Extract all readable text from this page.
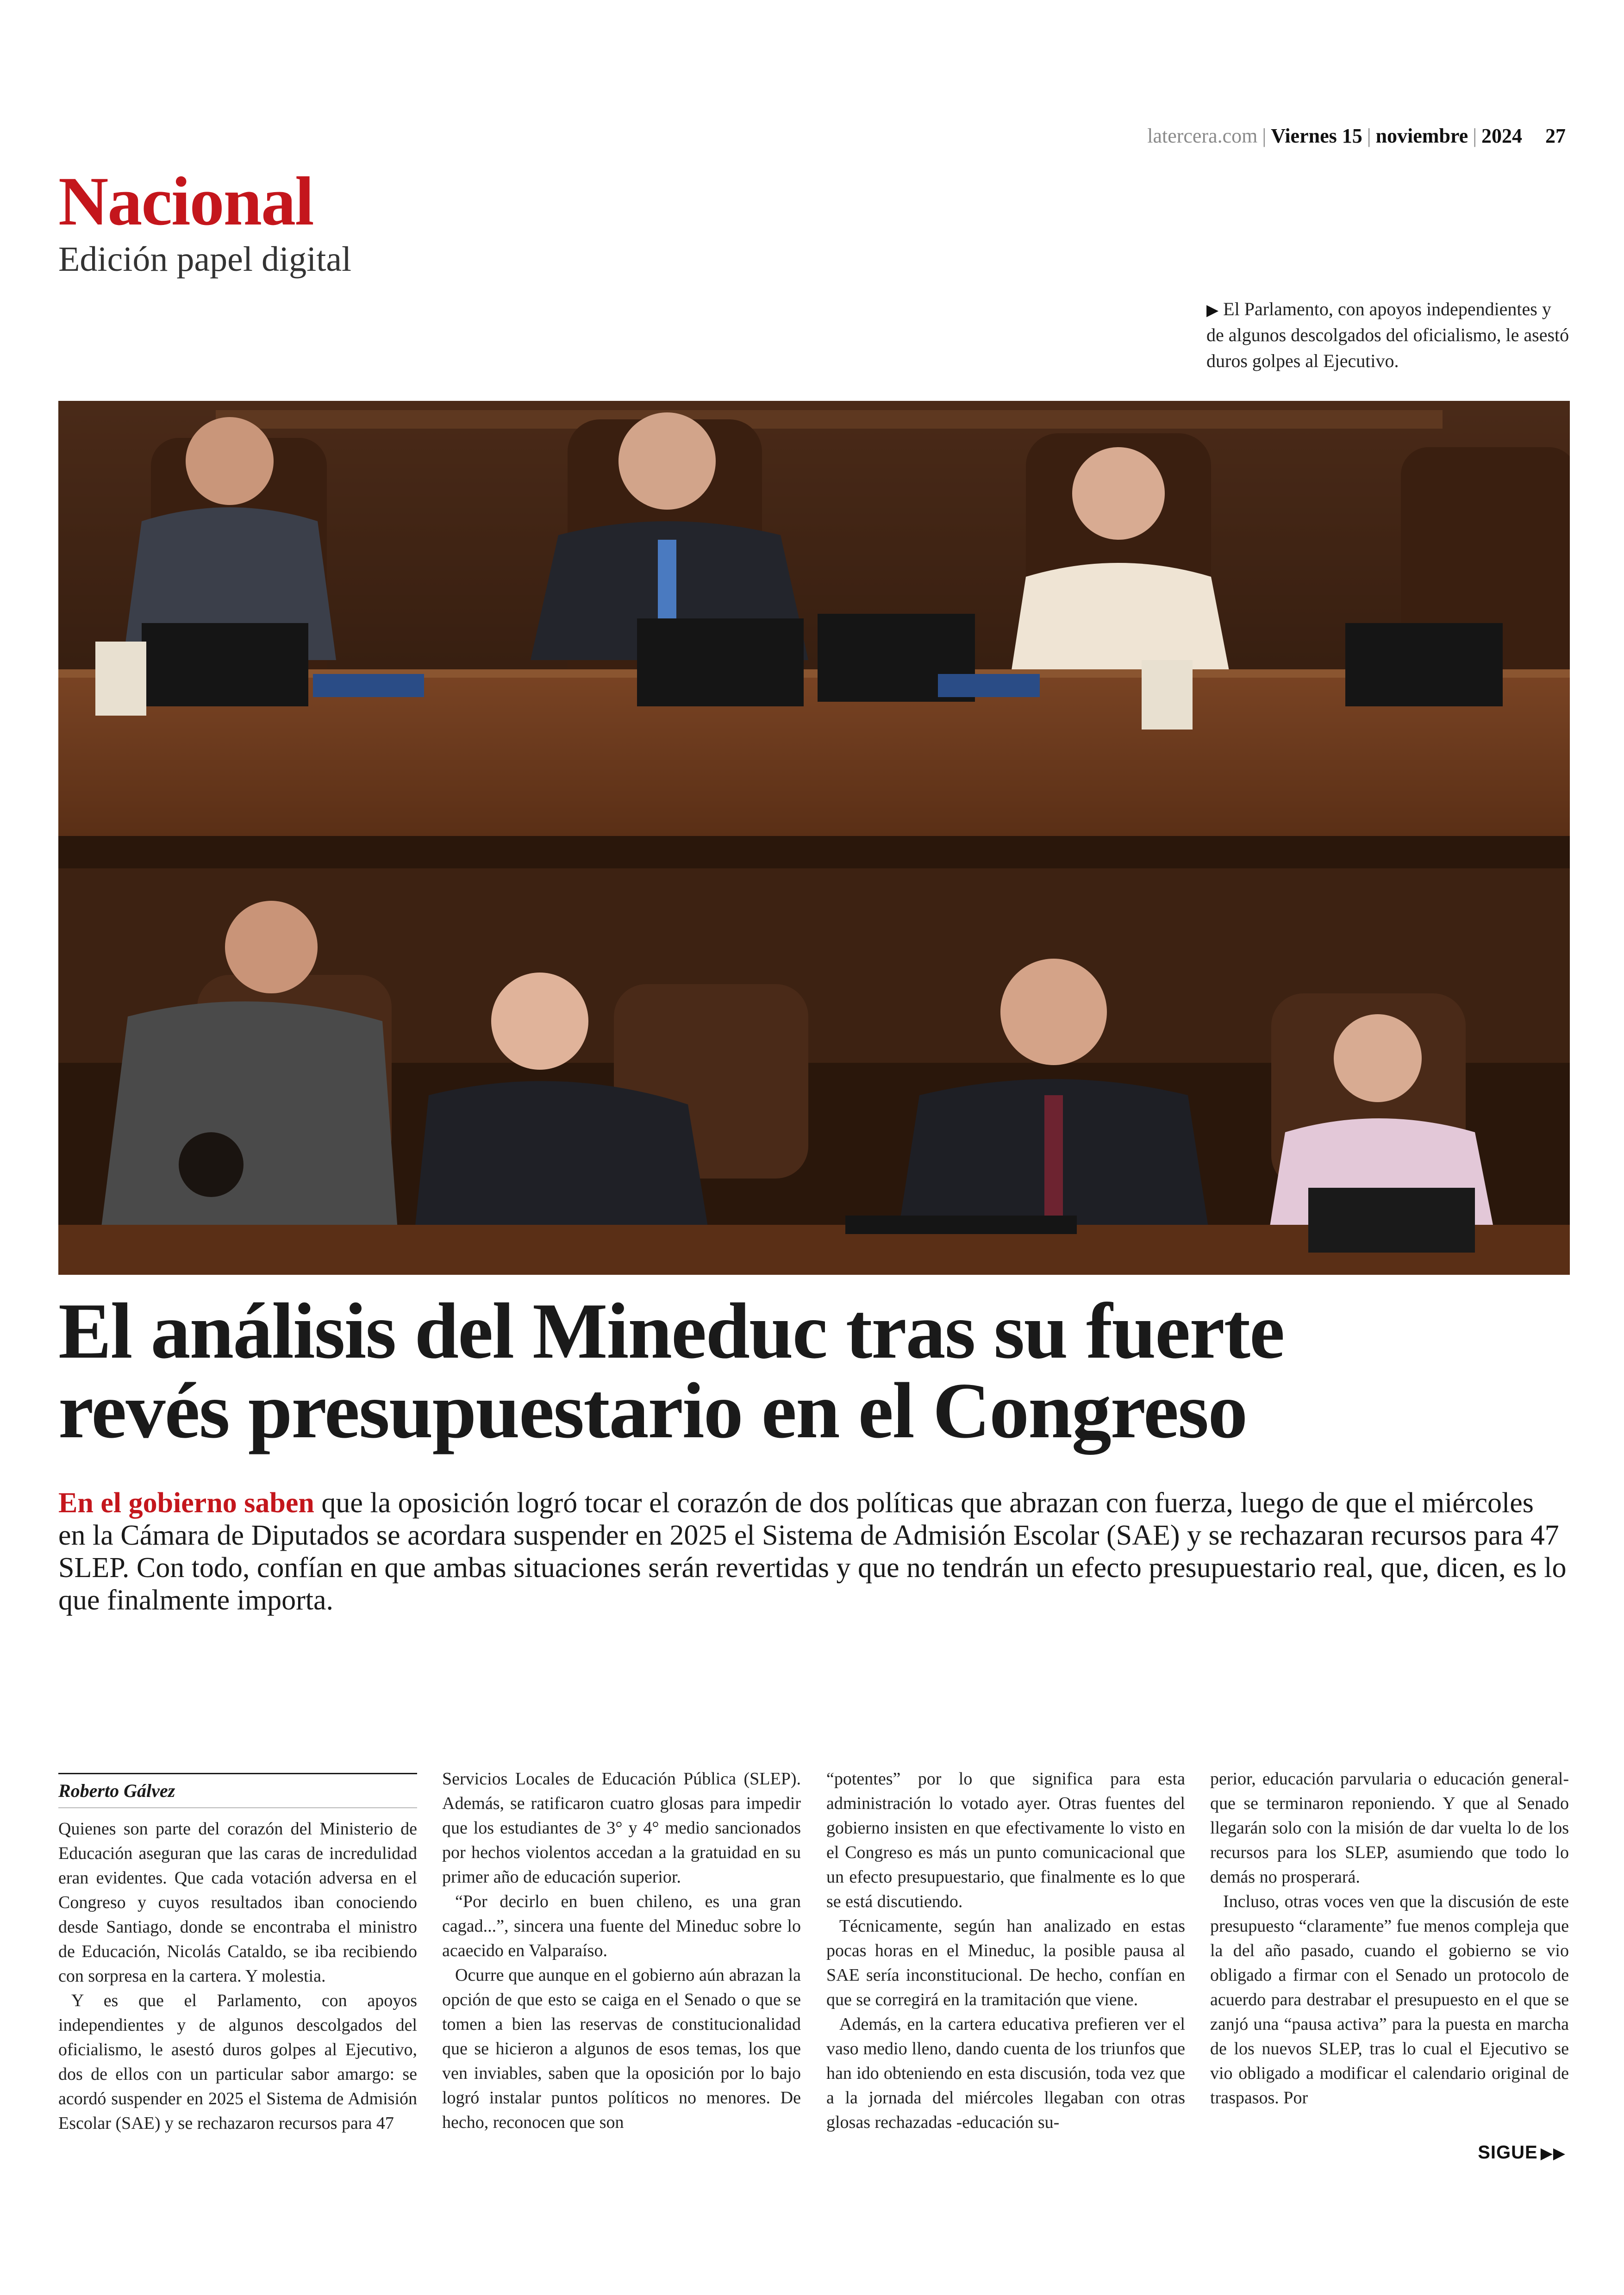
latercera.com | Viernes 15 | noviembre | 2024 27
Nacional
Edición papel digital
▶ El Parlamento, con apoyos independientes y de algunos descolgados del oficialismo, le asestó duros golpes al Ejecutivo.
El análisis del Mineduc tras su fuerte
revés presupuestario en el Congreso

En el gobierno saben que la oposición logró tocar el corazón de dos políticas que abrazan con fuerza, luego de que el miércoles en la Cámara de Diputados se acordara suspender en 2025 el Sistema de Admisión Escolar (SAE) y se rechazaran recursos para 47 SLEP. Con todo, confían en que ambas situaciones serán revertidas y que no tendrán un efecto presupuestario real, que, dicen, es lo que finalmente importa.

Roberto Gálvez

Quienes son parte del corazón del Ministerio de Educación aseguran que las caras de incredulidad eran evidentes. Que cada votación adversa en el Congreso y cuyos resultados iban conociendo desde Santiago, donde se encontraba el ministro de Educación, Nicolás Cataldo, se iba recibiendo con sorpresa en la cartera. Y molestia.

Y es que el Parlamento, con apoyos independientes y de algunos descolgados del oficialismo, le asestó duros golpes al Ejecutivo, dos de ellos con un particular sabor amargo: se acordó suspender en 2025 el Sistema de Admisión Escolar (SAE) y se rechazaron recursos para 47

Servicios Locales de Educación Pública (SLEP). Además, se ratificaron cuatro glosas para impedir que los estudiantes de 3° y 4° medio sancionados por hechos violentos accedan a la gratuidad en su primer año de educación superior.

“Por decirlo en buen chileno, es una gran cagad...”, sincera una fuente del Mineduc sobre lo acaecido en Valparaíso.

Ocurre que aunque en el gobierno aún abrazan la opción de que esto se caiga en el Senado o que se tomen a bien las reservas de constitucionalidad que se hicieron a algunos de esos temas, los que ven inviables, saben que la oposición por lo bajo logró instalar puntos políticos no menores. De hecho, reconocen que son

“potentes” por lo que significa para esta administración lo votado ayer. Otras fuentes del gobierno insisten en que efectivamente lo visto en el Congreso es más un punto comunicacional que un efecto presupuestario, que finalmente es lo que se está discutiendo.

Técnicamente, según han analizado en estas pocas horas en el Mineduc, la posible pausa al SAE sería inconstitucional. De hecho, confían en que se corregirá en la tramitación que viene.

Además, en la cartera educativa prefieren ver el vaso medio lleno, dando cuenta de los triunfos que han ido obteniendo en esta discusión, toda vez que a la jornada del miércoles llegaban con otras glosas rechazadas -educación su-

perior, educación parvularia o educación general- que se terminaron reponiendo. Y que al Senado llegarán solo con la misión de dar vuelta lo de los recursos para los SLEP, asumiendo que todo lo demás no prosperará.

Incluso, otras voces ven que la discusión de este presupuesto “claramente” fue menos compleja que la del año pasado, cuando el gobierno se vio obligado a firmar con el Senado un protocolo de acuerdo para destrabar el presupuesto en el que se zanjó una “pausa activa” para la puesta en marcha de los nuevos SLEP, tras lo cual el Ejecutivo se vio obligado a modificar el calendario original de traspasos. Por

SIGUE ▶▶
